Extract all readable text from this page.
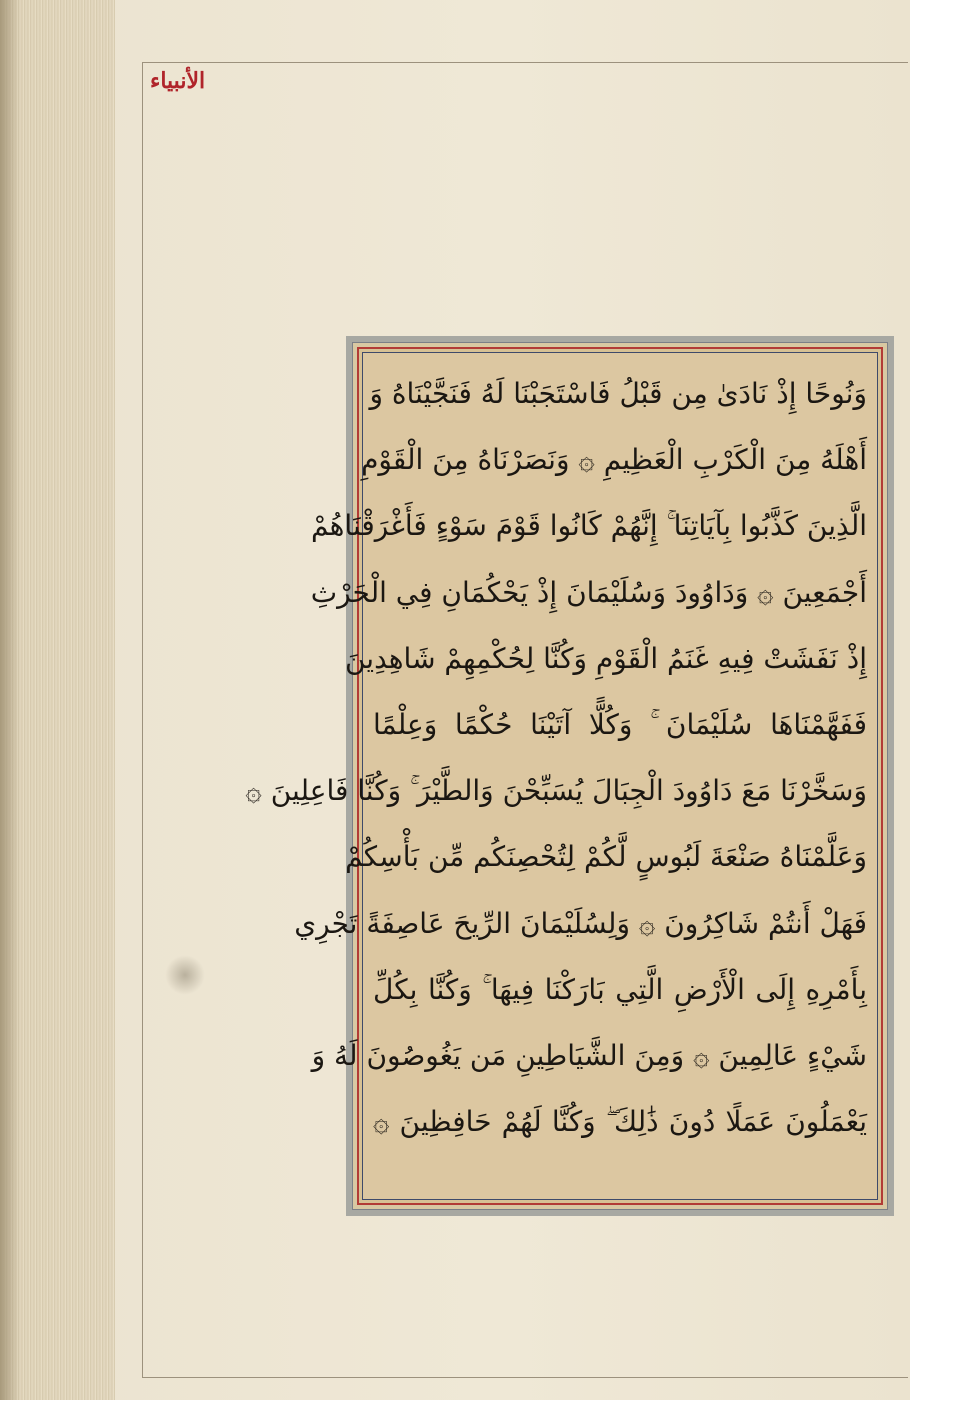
الأنبياء
وَنُوحًا إِذْ نَادَىٰ مِن قَبْلُ فَاسْتَجَبْنَا لَهُ فَنَجَّيْنَاهُ وَ
أَهْلَهُ مِنَ الْكَرْبِ الْعَظِيمِ ۞ وَنَصَرْنَاهُ مِنَ الْقَوْمِ
الَّذِينَ كَذَّبُوا بِآيَاتِنَا ۚ إِنَّهُمْ كَانُوا قَوْمَ سَوْءٍ فَأَغْرَقْنَاهُمْ
أَجْمَعِينَ ۞ وَدَاوُودَ وَسُلَيْمَانَ إِذْ يَحْكُمَانِ فِي الْحَرْثِ
إِذْ نَفَشَتْ فِيهِ غَنَمُ الْقَوْمِ وَكُنَّا لِحُكْمِهِمْ شَاهِدِينَ
فَفَهَّمْنَاهَا سُلَيْمَانَ ۚ وَكُلًّا آتَيْنَا حُكْمًا وَعِلْمًا
وَسَخَّرْنَا مَعَ دَاوُودَ الْجِبَالَ يُسَبِّحْنَ وَالطَّيْرَ ۚ وَكُنَّا فَاعِلِينَ ۞
وَعَلَّمْنَاهُ صَنْعَةَ لَبُوسٍ لَّكُمْ لِتُحْصِنَكُم مِّن بَأْسِكُمْ
فَهَلْ أَنتُمْ شَاكِرُونَ ۞ وَلِسُلَيْمَانَ الرِّيحَ عَاصِفَةً تَجْرِي
بِأَمْرِهِ إِلَى الْأَرْضِ الَّتِي بَارَكْنَا فِيهَا ۚ وَكُنَّا بِكُلِّ
شَيْءٍ عَالِمِينَ ۞ وَمِنَ الشَّيَاطِينِ مَن يَغُوصُونَ لَهُ وَ
يَعْمَلُونَ عَمَلًا دُونَ ذَٰلِكَ ۖ وَكُنَّا لَهُمْ حَافِظِينَ ۞
